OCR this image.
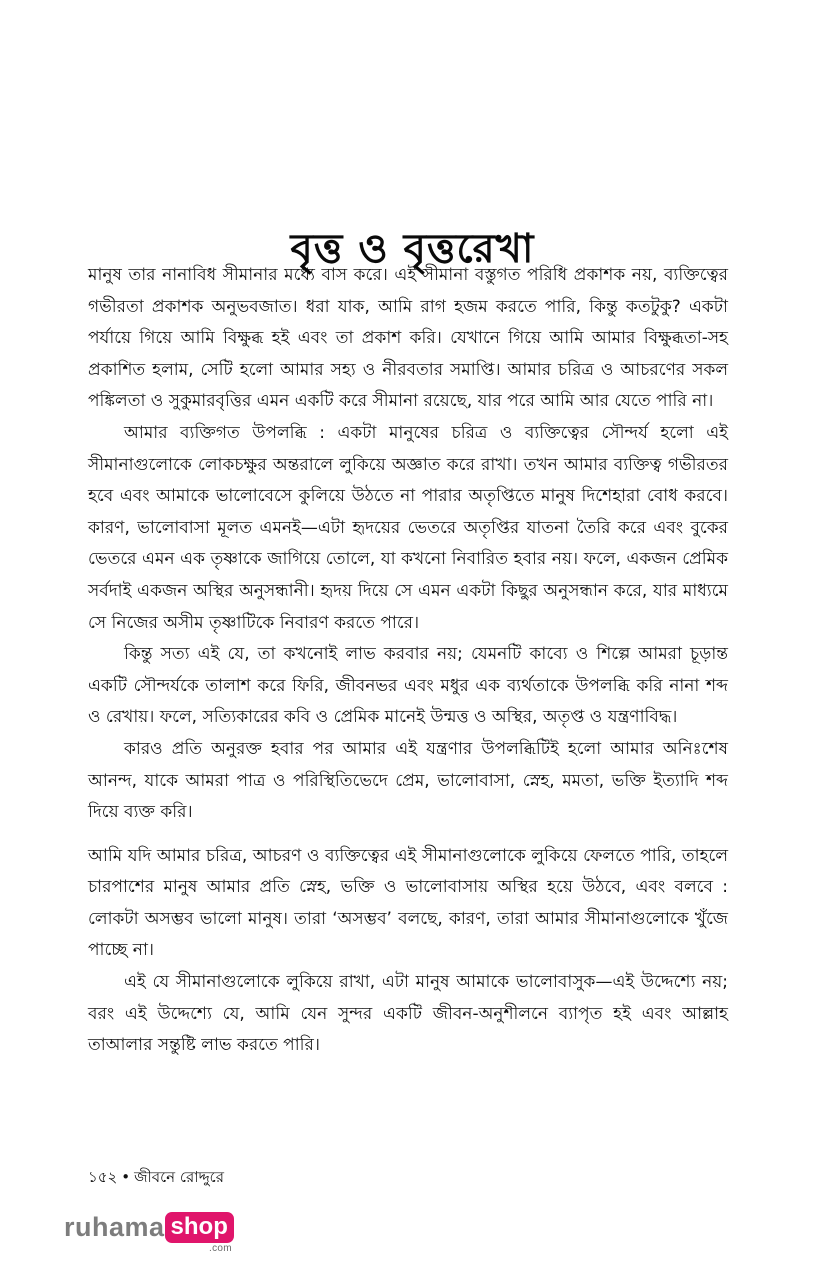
বৃত্ত ও বৃত্তরেখা

মানুষ তার নানাবিধ সীমানার মধ্যে বাস করে। এই সীমানা বস্তুগত পরিধি প্রকাশক নয়, ব্যক্তিত্বের গভীরতা প্রকাশক অনুভবজাত। ধরা যাক, আমি রাগ হজম করতে পারি, কিন্তু কতটুকু? একটা পর্যায়ে গিয়ে আমি বিক্ষুব্ধ হই এবং তা প্রকাশ করি। যেখানে গিয়ে আমি আমার বিক্ষুব্ধতা-সহ প্রকাশিত হলাম, সেটি হলো আমার সহ্য ও নীরবতার সমাপ্তি। আমার চরিত্র ও আচরণের সকল পঙ্কিলতা ও সুকুমারবৃত্তির এমন একটি করে সীমানা রয়েছে, যার পরে আমি আর যেতে পারি না।

আমার ব্যক্তিগত উপলব্ধি : একটা মানুষের চরিত্র ও ব্যক্তিত্বের সৌন্দর্য হলো এই সীমানাগুলোকে লোকচক্ষুর অন্তরালে লুকিয়ে অজ্ঞাত করে রাখা। তখন আমার ব্যক্তিত্ব গভীরতর হবে এবং আমাকে ভালোবেসে কুলিয়ে উঠতে না পারার অতৃপ্তিতে মানুষ দিশেহারা বোধ করবে। কারণ, ভালোবাসা মূলত এমনই—এটা হৃদয়ের ভেতরে অতৃপ্তির যাতনা তৈরি করে এবং বুকের ভেতরে এমন এক তৃষ্ণাকে জাগিয়ে তোলে, যা কখনো নিবারিত হবার নয়। ফলে, একজন প্রেমিক সর্বদাই একজন অস্থির অনুসন্ধানী। হৃদয় দিয়ে সে এমন একটা কিছুর অনুসন্ধান করে, যার মাধ্যমে সে নিজের অসীম তৃষ্ণাটিকে নিবারণ করতে পারে।

কিন্তু সত্য এই যে, তা কখনোই লাভ করবার নয়; যেমনটি কাব্যে ও শিল্পে আমরা চূড়ান্ত একটি সৌন্দর্যকে তালাশ করে ফিরি, জীবনভর এবং মধুর এক ব্যর্থতাকে উপলব্ধি করি নানা শব্দ ও রেখায়। ফলে, সত্যিকারের কবি ও প্রেমিক মানেই উন্মত্ত ও অস্থির, অতৃপ্ত ও যন্ত্রণাবিদ্ধ।

কারও প্রতি অনুরক্ত হবার পর আমার এই যন্ত্রণার উপলব্ধিটিই হলো আমার অনিঃশেষ আনন্দ, যাকে আমরা পাত্র ও পরিস্থিতিভেদে প্রেম, ভালোবাসা, স্নেহ, মমতা, ভক্তি ইত্যাদি শব্দ দিয়ে ব্যক্ত করি।

আমি যদি আমার চরিত্র, আচরণ ও ব্যক্তিত্বের এই সীমানাগুলোকে লুকিয়ে ফেলতে পারি, তাহলে চারপাশের মানুষ আমার প্রতি স্নেহ, ভক্তি ও ভালোবাসায় অস্থির হয়ে উঠবে, এবং বলবে : লোকটা অসম্ভব ভালো মানুষ। তারা ‘অসম্ভব’ বলছে, কারণ, তারা আমার সীমানাগুলোকে খুঁজে পাচ্ছে না।

এই যে সীমানাগুলোকে লুকিয়ে রাখা, এটা মানুষ আমাকে ভালোবাসুক—এই উদ্দেশ্যে নয়; বরং এই উদ্দেশ্যে যে, আমি যেন সুন্দর একটি জীবন-অনুশীলনে ব্যাপৃত হই এবং আল্লাহ তাআলার সন্তুষ্টি লাভ করতে পারি।

১৫২ • জীবনে রোদ্দুরে
ruhama shop
.com
